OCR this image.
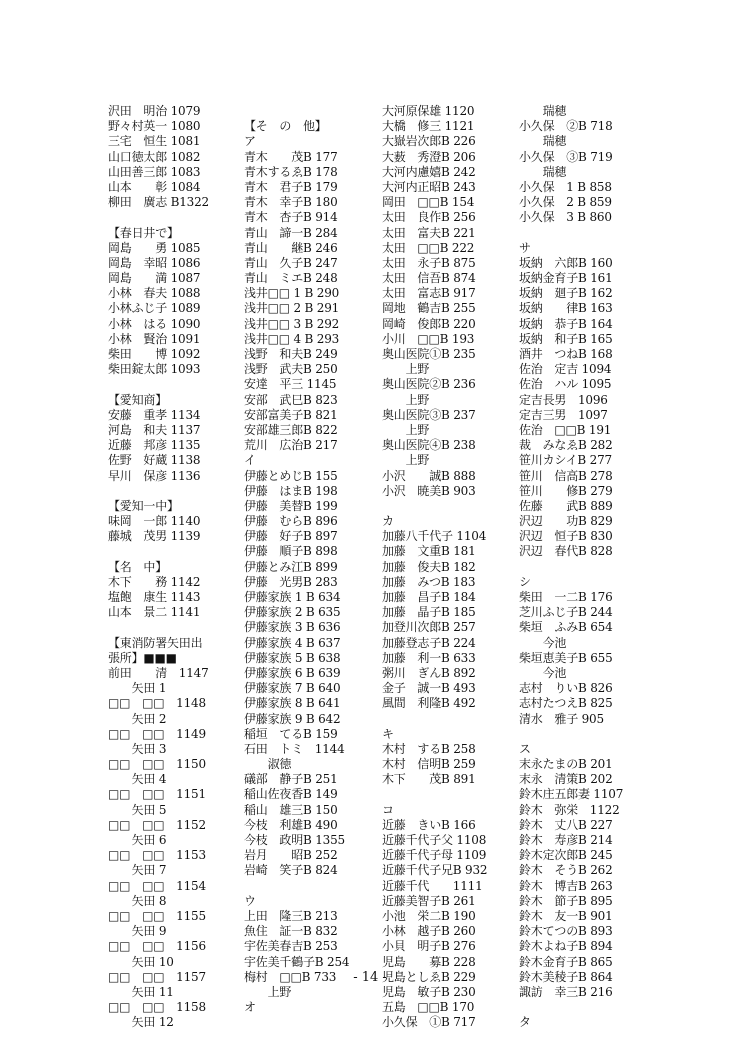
沢田　明治 1079
野々村英一 1080
三宅　恒生 1081
山口徳太郎 1082
山田善三郎 1083
山本　　彰 1084
柳田　廣志 B1322
【春日井で】
岡島　　勇 1085
岡島　幸昭 1086
岡島　　満 1087
小林　春夫 1088
小林ふじ子 1089
小林　はる 1090
小林　賢治 1091
柴田　　博 1092
柴田錠太郎 1093
【愛知商】
安藤　重孝 1134
河島　和夫 1137
近藤　邦彦 1135
佐野　好蔵 1138
早川　保彦 1136
【愛知一中】
味岡　一郎 1140
藤城　茂男 1139
【名　中】
木下　　務 1142
塩飽　康生 1143
山本　景二 1141
【東消防署矢田出
張所】■■■
前田　　清　1147
　　矢田 1
□□　□□　1148
　　矢田 2
□□　□□　1149
　　矢田 3
□□　□□　1150
　　矢田 4
□□　□□　1151
　　矢田 5
□□　□□　1152
　　矢田 6
□□　□□　1153
　　矢田 7
□□　□□　1154
　　矢田 8
□□　□□　1155
　　矢田 9
□□　□□　1156
　　矢田 10
□□　□□　1157
　　矢田 11
□□　□□　1158
　　矢田 12
【そ　の　他】
ア
青木　　茂B 177
青木するゑB 178
青木　君子B 179
青木　幸子B 180
青木　杏子B 914
青山　諦一B 284
青山　　継B 246
青山　久子B 247
青山　ミエB 248
浅井□□ 1 B 290
浅井□□ 2 B 291
浅井□□ 3 B 292
浅井□□ 4 B 293
浅野　和夫B 249
浅野　武夫B 250
安達　平三 1145
安部　武巳B 823
安部富美子B 821
安部雄三郎B 822
荒川　広治B 217
イ
伊藤とめじB 155
伊藤　はまB 198
伊藤　美替B 199
伊藤　むらB 896
伊藤　好子B 897
伊藤　順子B 898
伊藤とみ江B 899
伊藤　光男B 283
伊藤家族 1 B 634
伊藤家族 2 B 635
伊藤家族 3 B 636
伊藤家族 4 B 637
伊藤家族 5 B 638
伊藤家族 6 B 639
伊藤家族 7 B 640
伊藤家族 8 B 641
伊藤家族 9 B 642
稲垣　てるB 159
石田　トミ　1144
　　淑徳
礒部　静子B 251
稲山佐夜香B 149
稲山　雄三B 150
今枝　利雄B 490
今枝　政明B 1355
岩月　　昭B 252
岩崎　笑子B 824
ウ
上田　隆三B 213
魚住　証一B 832
宇佐美春吉B 253
宇佐美千鶴子B 254
梅村　□□B 733
　　上野
オ
大河原保雄 1120
大橋　修三 1121
大嶽岩次郎B 226
大薮　秀澄B 206
大河内慮嬉B 242
大河内正昭B 243
岡田　□□B 154
太田　良作B 256
太田　富夫B 221
太田　□□B 222
太田　永子B 875
太田　信吾B 874
太田　富志B 917
岡地　鶴吉B 255
岡崎　俊郎B 220
小川　□□B 193
奥山医院①B 235
　　上野
奥山医院②B 236
　　上野
奥山医院③B 237
　　上野
奥山医院④B 238
　　上野
小沢　　誠B 888
小沢　暁美B 903
カ
加藤八千代子 1104
加藤　文重B 181
加藤　俊夫B 182
加藤　みつB 183
加藤　昌子B 184
加藤　晶子B 185
加登川次郎B 257
加藤登志子B 224
加藤　利一B 633
粥川　ぎんB 892
金子　誠一B 493
風間　利隆B 492
キ
木村　するB 258
木村　信明B 259
木下　　茂B 891
コ
近藤　きいB 166
近藤千代子父 1108
近藤千代子母 1109
近藤千代子兄B 932
近藤千代　　1111
近藤美智子B 261
小池　栄二B 190
小林　越子B 260
小貝　明子B 276
児島　　募B 228
児島としゑB 229
児島　敏子B 230
五島　□□B 170
小久保　①B 717
　　瑞穂
小久保　②B 718
　　瑞穂
小久保　③B 719
　　瑞穂
小久保　1 B 858
小久保　2 B 859
小久保　3 B 860
サ
坂納　六郎B 160
坂納金育子B 161
坂納　廻子B 162
坂納　　律B 163
坂納　恭子B 164
坂納　和子B 165
酒井　つねB 168
佐治　定吉 1094
佐治　ハル 1095
定吉長男　1096
定吉三男　1097
佐治　□□B 191
裁　みなゑB 282
笹川カシイB 277
笹川　信高B 278
笹川　　修B 279
佐藤　　武B 889
沢辺　　功B 829
沢辺　恒子B 830
沢辺　春代B 828
シ
柴田　一二B 176
芝川ふじ子B 244
柴垣　ふみB 654
　　今池
柴垣恵美子B 655
　　今池
志村　りいB 826
志村たつえB 825
清水　雅子 905
ス
末永たまのB 201
末永　清策B 202
鈴木庄五郎妻 1107
鈴木　弥栄　1122
鈴木　丈八B 227
鈴木　寿彦B 214
鈴木定次郎B 245
鈴木　そうB 262
鈴木　博吉B 263
鈴木　節子B 895
鈴木　友一B 901
鈴木てつのB 893
鈴木よね子B 894
鈴木金育子B 865
鈴木美稜子B 864
諏訪　幸三B 216
タ
- 14 -
